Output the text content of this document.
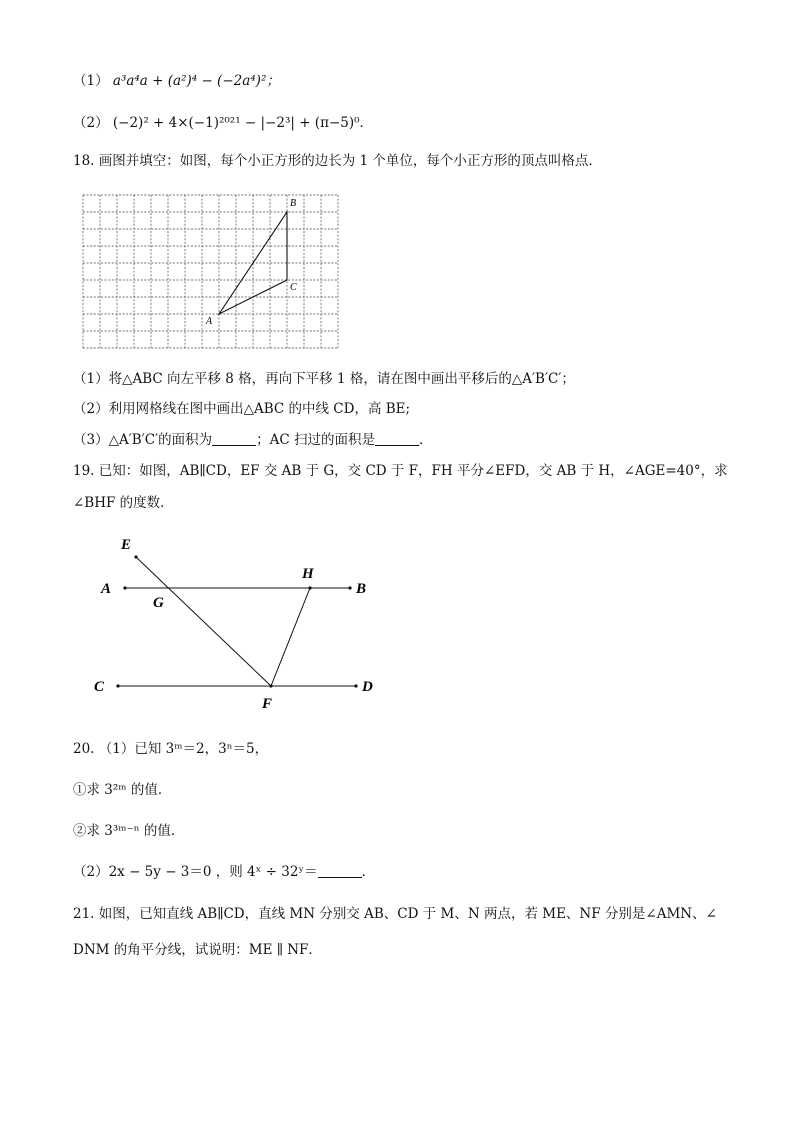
（1） a³a⁴a + (a²)⁴ − (−2a⁴)²；
（2） (−2)² + 4×(−1)²⁰²¹ − |−2³| + (π−5)⁰．
18. 画图并填空：如图，每个小正方形的边长为 1 个单位，每个小正方形的顶点叫格点．
A
B
C
（1）将△ABC 向左平移 8 格，再向下平移 1 格，请在图中画出平移后的△A′B′C′；
（2）利用网格线在图中画出△ABC 的中线 CD，高 BE;
（3）△A′B′C′的面积为	；AC 扫过的面积是	．
19. 已知：如图，AB∥CD，EF 交 AB 于 G，交 CD 于 F，FH 平分∠EFD，交 AB 于 H，∠AGE=40°，求
∠BHF 的度数．
E
A
G
H
B
C
F
D
20. （1）已知 3ᵐ＝2，3ⁿ＝5，
①求 3²ᵐ 的值．
②求 3³ᵐ⁻ⁿ 的值．
（2）2x − 5y − 3＝0 ，则 4ˣ ÷ 32ʸ＝	．
21. 如图，已知直线 AB∥CD，直线 MN 分别交 AB、CD 于 M、N 两点，若 ME、NF 分别是∠AMN、∠
DNM 的角平分线，试说明：ME ∥ NF．
